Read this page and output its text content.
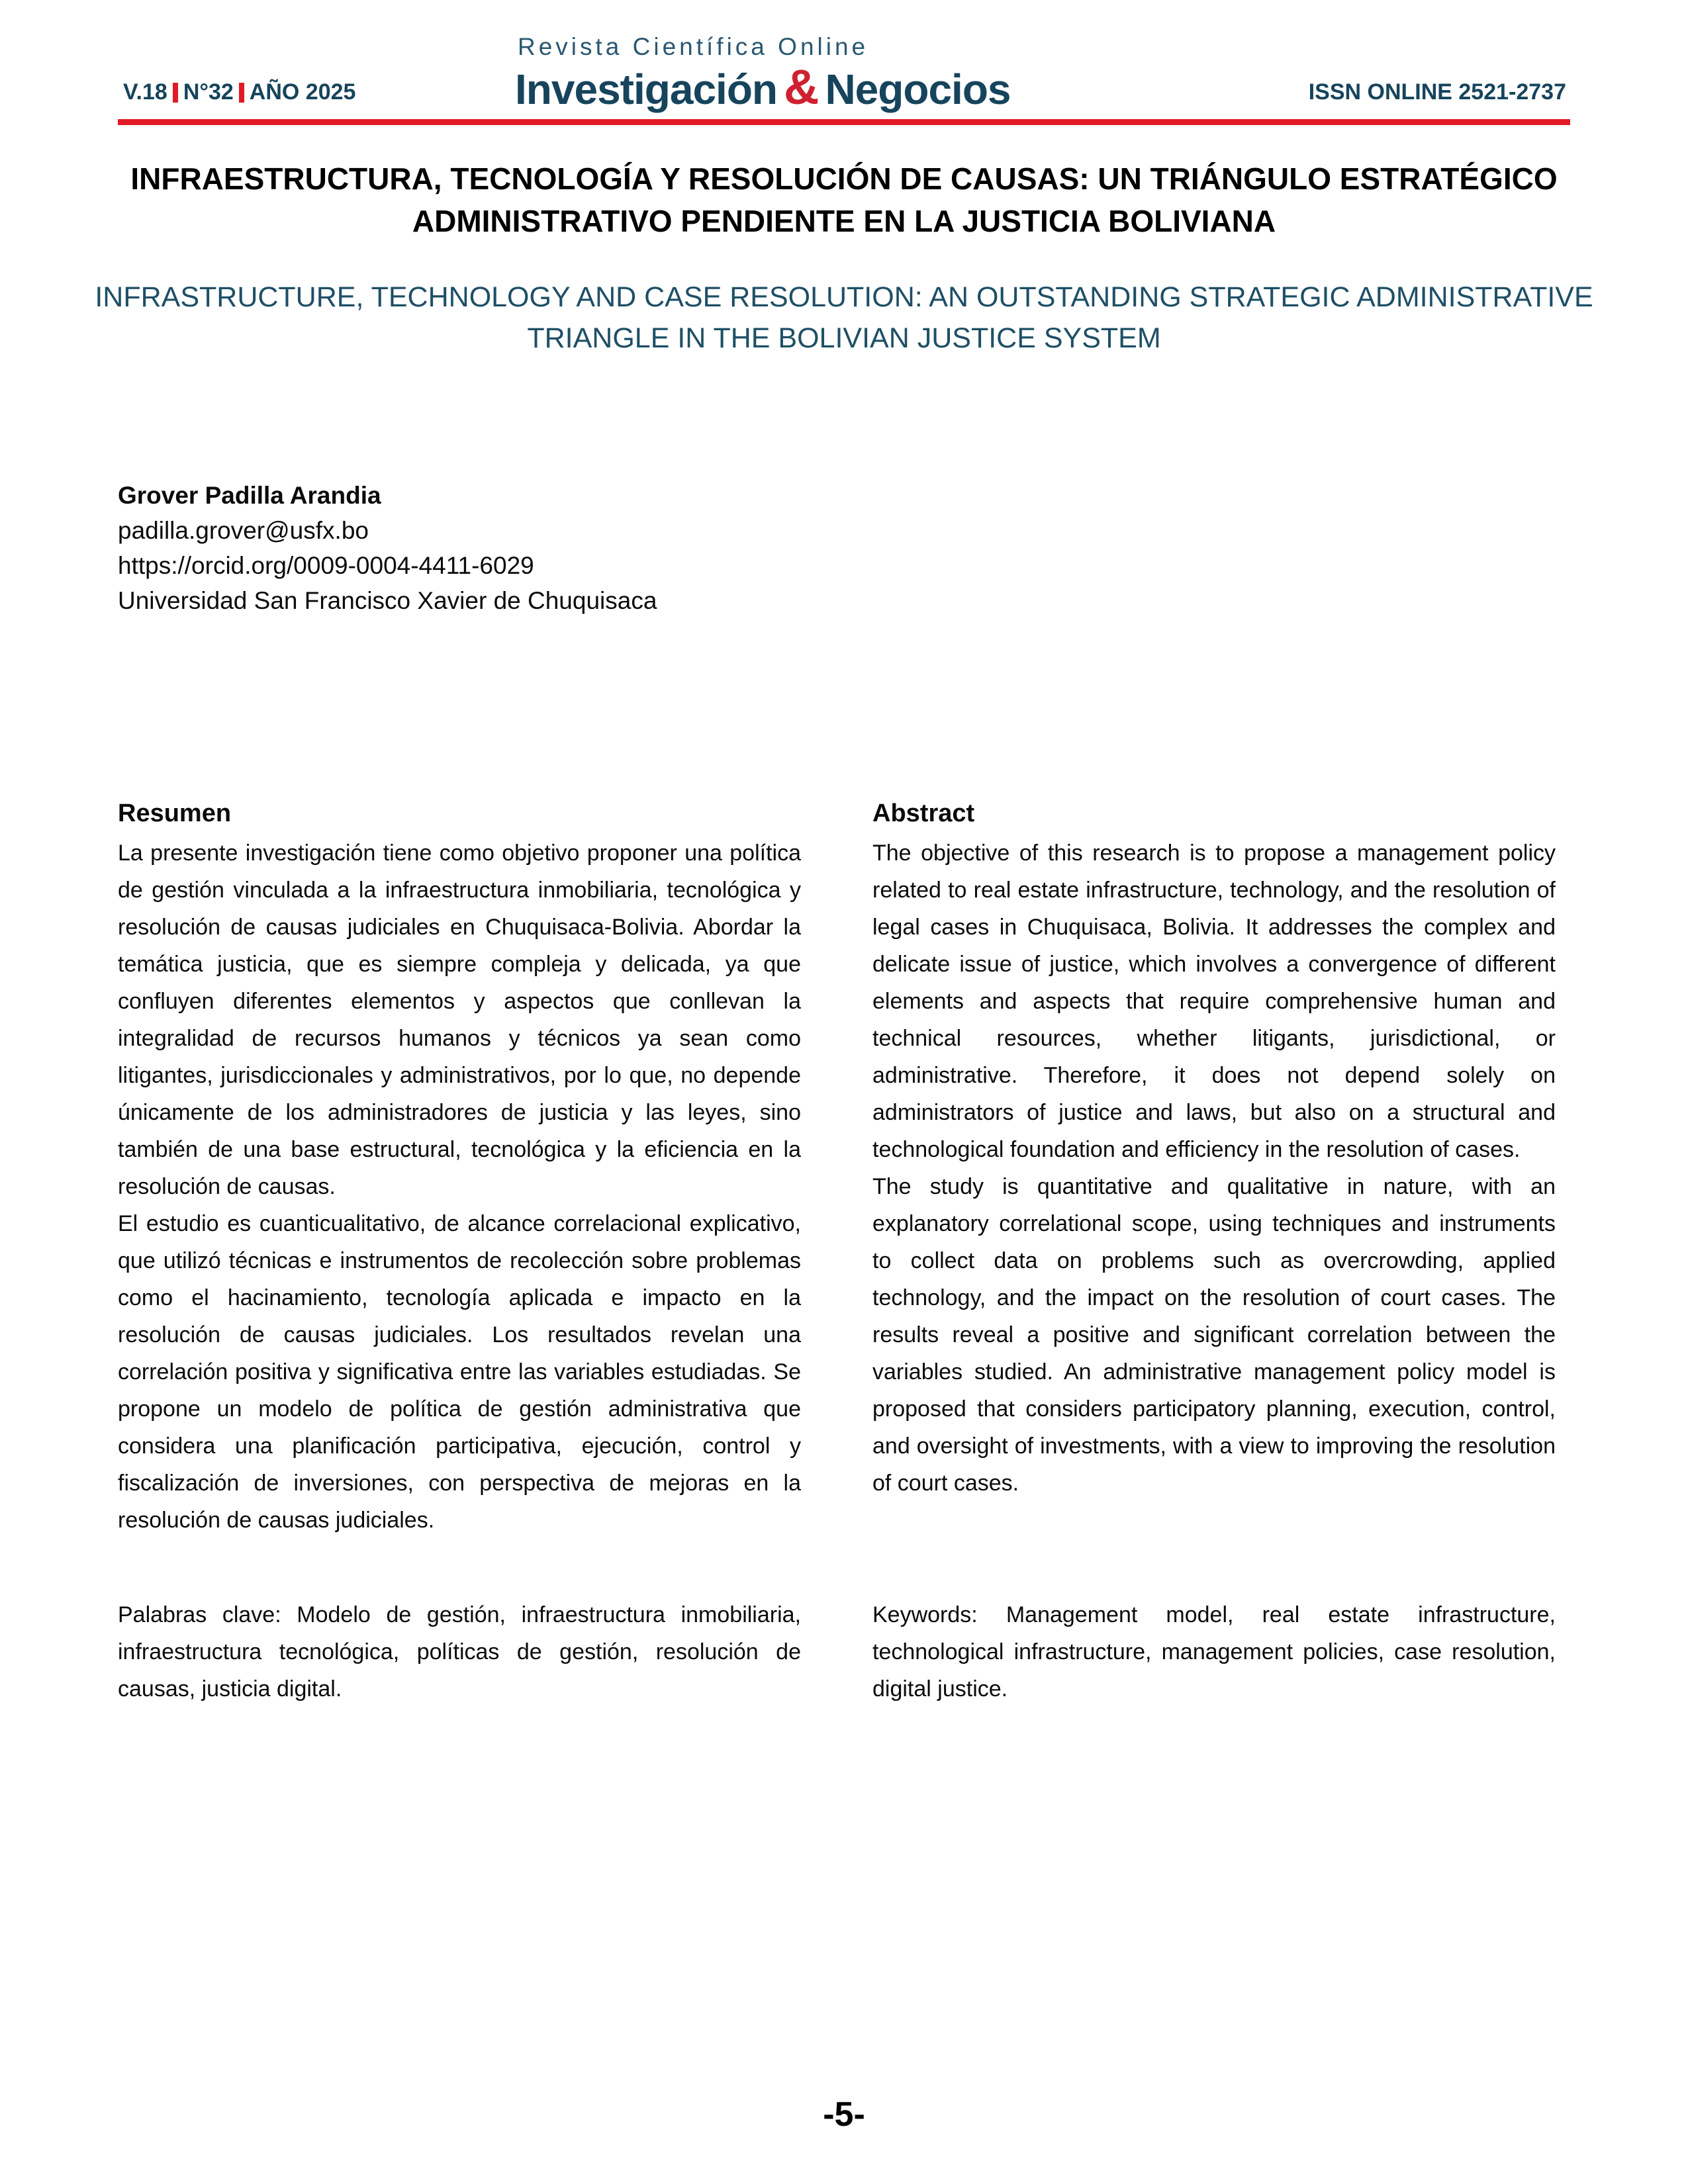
V.18 N°32 AÑO 2025
Revista Científica Online
Investigación & Negocios	ISSN ONLINE 2521-2737
INFRAESTRUCTURA, TECNOLOGÍA Y RESOLUCIÓN DE CAUSAS: UN TRIÁNGULO ESTRATÉGICO ADMINISTRATIVO PENDIENTE EN LA JUSTICIA BOLIVIANA
INFRASTRUCTURE, TECHNOLOGY AND CASE RESOLUTION: AN OUTSTANDING STRATEGIC ADMINISTRATIVE TRIANGLE IN THE BOLIVIAN JUSTICE SYSTEM
Grover Padilla Arandia
padilla.grover@usfx.bo
https://orcid.org/0009-0004-4411-6029
Universidad San Francisco Xavier de Chuquisaca
Resumen

La presente investigación tiene como objetivo proponer una política de gestión vinculada a la infraestructura inmobiliaria, tecnológica y resolución de causas judiciales en Chuquisaca-Bolivia. Abordar la temática justicia, que es siempre compleja y delicada, ya que confluyen diferentes elementos y aspectos que conllevan la integralidad de recursos humanos y técnicos ya sean como litigantes, jurisdiccionales y administrativos, por lo que, no depende únicamente de los administradores de justicia y las leyes, sino también de una base estructural, tecnológica y la eficiencia en la resolución de causas.

El estudio es cuanticualitativo, de alcance correlacional explicativo, que utilizó técnicas e instrumentos de recolección sobre problemas como el hacinamiento, tecnología aplicada e impacto en la resolución de causas judiciales. Los resultados revelan una correlación positiva y significativa entre las variables estudiadas. Se propone un modelo de política de gestión administrativa que considera una planificación participativa, ejecución, control y fiscalización de inversiones, con perspectiva de mejoras en la resolución de causas judiciales.

Abstract

The objective of this research is to propose a management policy related to real estate infrastructure, technology, and the resolution of legal cases in Chuquisaca, Bolivia. It addresses the complex and delicate issue of justice, which involves a convergence of different elements and aspects that require comprehensive human and technical resources, whether litigants, jurisdictional, or administrative. Therefore, it does not depend solely on administrators of justice and laws, but also on a structural and technological foundation and efficiency in the resolution of cases.

The study is quantitative and qualitative in nature, with an explanatory correlational scope, using techniques and instruments to collect data on problems such as overcrowding, applied technology, and the impact on the resolution of court cases. The results reveal a positive and significant correlation between the variables studied. An administrative management policy model is proposed that considers participatory planning, execution, control, and oversight of investments, with a view to improving the resolution of court cases.

Palabras clave: Modelo de gestión, infraestructura inmobiliaria, infraestructura tecnológica, políticas de gestión, resolución de causas, justicia digital.

Keywords: Management model, real estate infrastructure, technological infrastructure, management policies, case resolution, digital justice.

-5-
